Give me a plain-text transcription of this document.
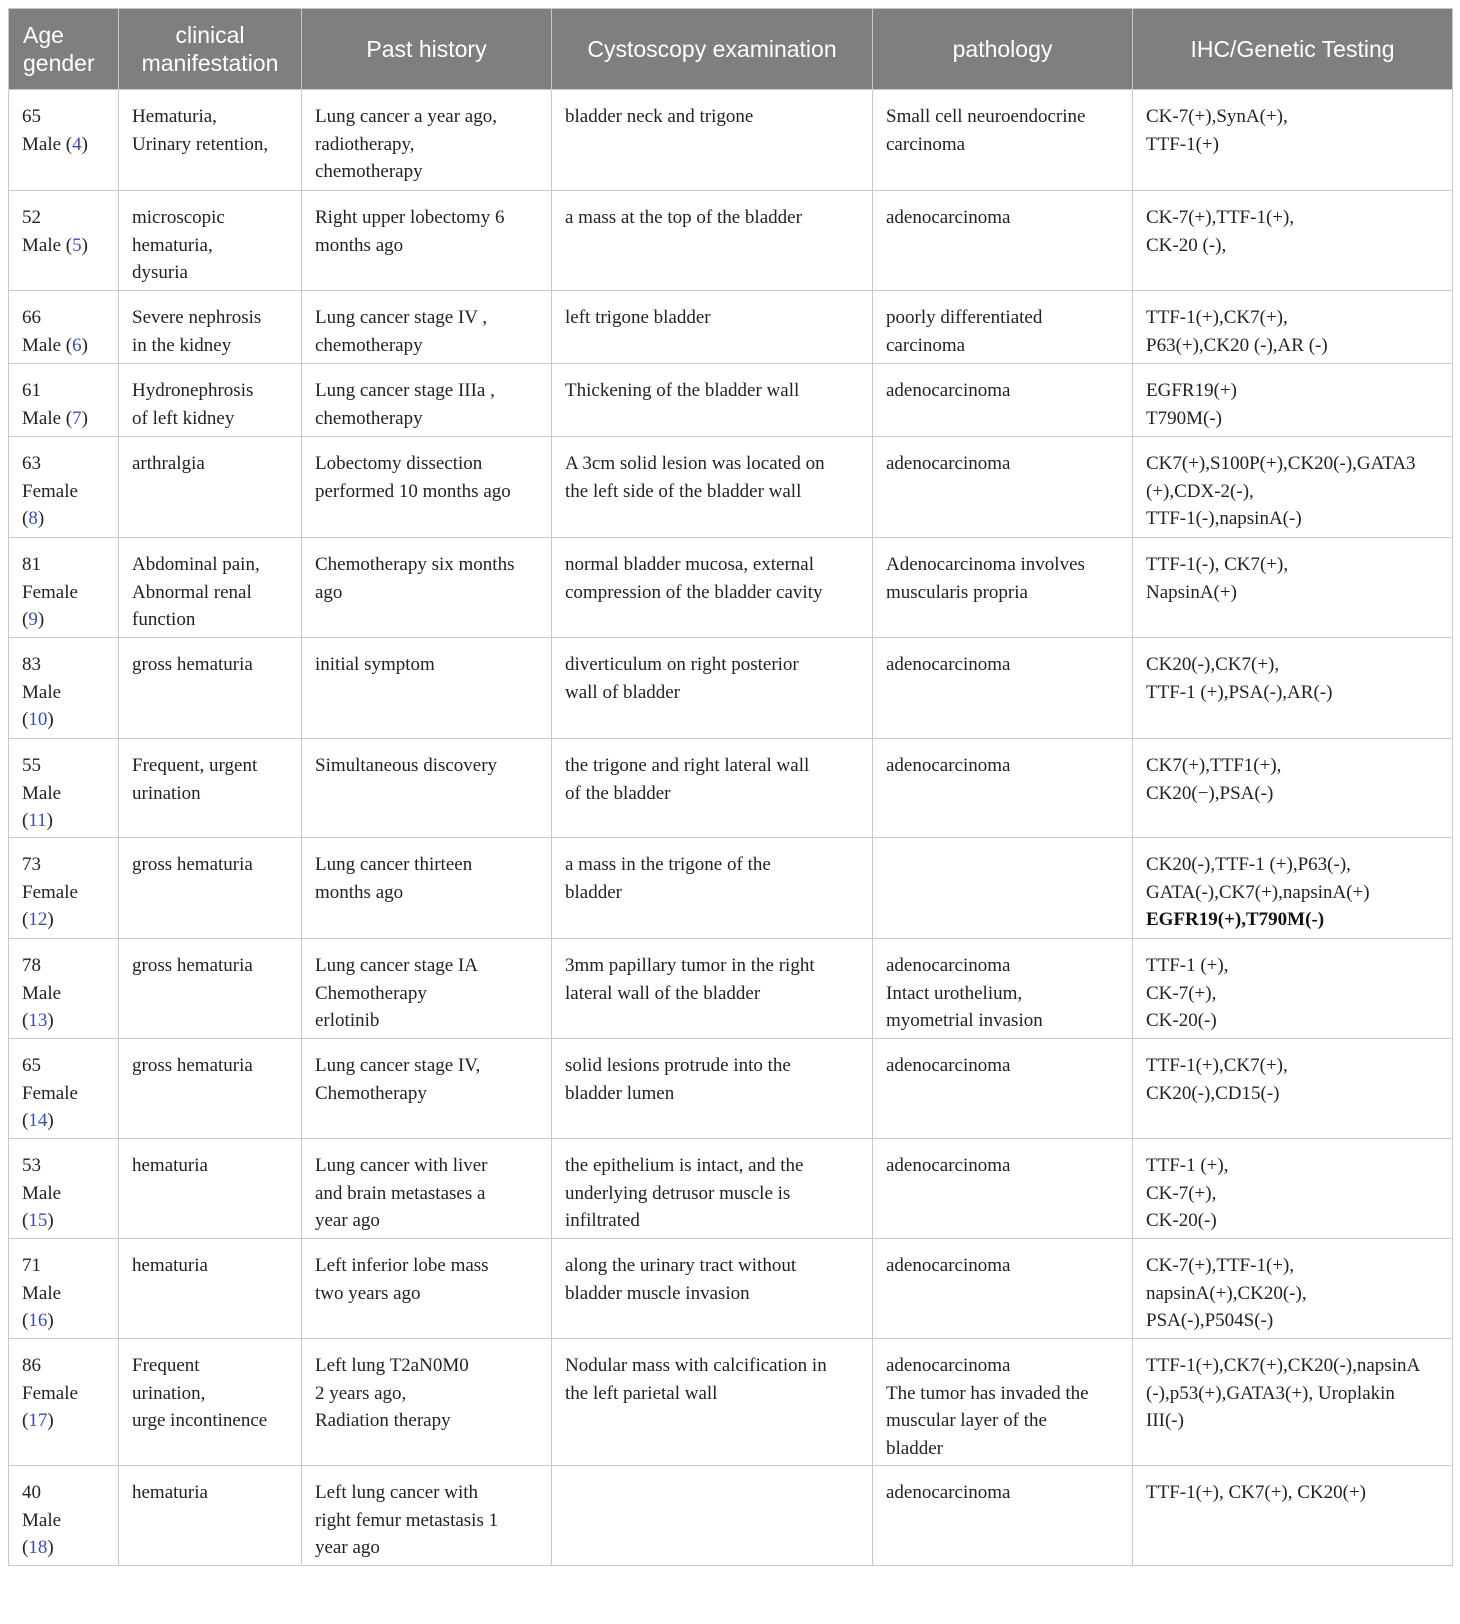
Age
gender	clinical
manifestation	Past history	Cystoscopy examination	pathology	IHC/Genetic Testing

65
Male (4)	Hematuria,
Urinary retention,	Lung cancer a year ago,
radiotherapy,
chemotherapy	bladder neck and trigone	Small cell neuroendocrine
carcinoma	CK-7(+),SynA(+),
TTF-1(+)

52
Male (5)	microscopic
hematuria,
dysuria	Right upper lobectomy 6
months ago	a mass at the top of the bladder	adenocarcinoma	CK-7(+),TTF-1(+),
CK-20 (-),

66
Male (6)	Severe nephrosis
in the kidney	Lung cancer stage IV ,
chemotherapy	left trigone bladder	poorly differentiated
carcinoma	TTF-1(+),CK7(+),
P63(+),CK20 (-),AR (-)

61
Male (7)	Hydronephrosis
of left kidney	Lung cancer stage IIIa ,
chemotherapy	Thickening of the bladder wall	adenocarcinoma	EGFR19(+)
T790M(-)

63
Female
(8)	arthralgia	Lobectomy dissection
performed 10 months ago	A 3cm solid lesion was located on
the left side of the bladder wall	adenocarcinoma	CK7(+),S100P(+),CK20(-),GATA3
(+),CDX-2(-),
TTF-1(-),napsinA(-)

81
Female
(9)	Abdominal pain,
Abnormal renal
function	Chemotherapy six months
ago	normal bladder mucosa, external
compression of the bladder cavity	Adenocarcinoma involves
muscularis propria	TTF-1(-), CK7(+),
NapsinA(+)

83
Male
(10)	gross hematuria	initial symptom	diverticulum on right posterior
wall of bladder	adenocarcinoma	CK20(-),CK7(+),
TTF-1 (+),PSA(-),AR(-)

55
Male
(11)	Frequent, urgent
urination	Simultaneous discovery	the trigone and right lateral wall
of the bladder	adenocarcinoma	CK7(+),TTF1(+),
CK20(−),PSA(-)

73
Female
(12)	gross hematuria	Lung cancer thirteen
months ago	a mass in the trigone of the
bladder		CK20(-),TTF-1 (+),P63(-),
GATA(-),CK7(+),napsinA(+)
EGFR19(+),T790M(-)

78
Male
(13)	gross hematuria	Lung cancer stage IA
Chemotherapy
erlotinib	3mm papillary tumor in the right
lateral wall of the bladder	adenocarcinoma
Intact urothelium,
myometrial invasion	TTF-1 (+),
CK-7(+),
CK-20(-)

65
Female
(14)	gross hematuria	Lung cancer stage IV,
Chemotherapy	solid lesions protrude into the
bladder lumen	adenocarcinoma	TTF-1(+),CK7(+),
CK20(-),CD15(-)

53
Male
(15)	hematuria	Lung cancer with liver
and brain metastases a
year ago	the epithelium is intact, and the
underlying detrusor muscle is
infiltrated	adenocarcinoma	TTF-1 (+),
CK-7(+),
CK-20(-)

71
Male
(16)	hematuria	Left inferior lobe mass
two years ago	along the urinary tract without
bladder muscle invasion	adenocarcinoma	CK-7(+),TTF-1(+),
napsinA(+),CK20(-),
PSA(-),P504S(-)

86
Female
(17)	Frequent
urination,
urge incontinence	Left lung T2aN0M0
2 years ago,
Radiation therapy	Nodular mass with calcification in
the left parietal wall	adenocarcinoma
The tumor has invaded the
muscular layer of the
bladder	TTF-1(+),CK7(+),CK20(-),napsinA
(-),p53(+),GATA3(+), Uroplakin
III(-)

40
Male
(18)	hematuria	Left lung cancer with
right femur metastasis 1
year ago		adenocarcinoma	TTF-1(+), CK7(+), CK20(+)
